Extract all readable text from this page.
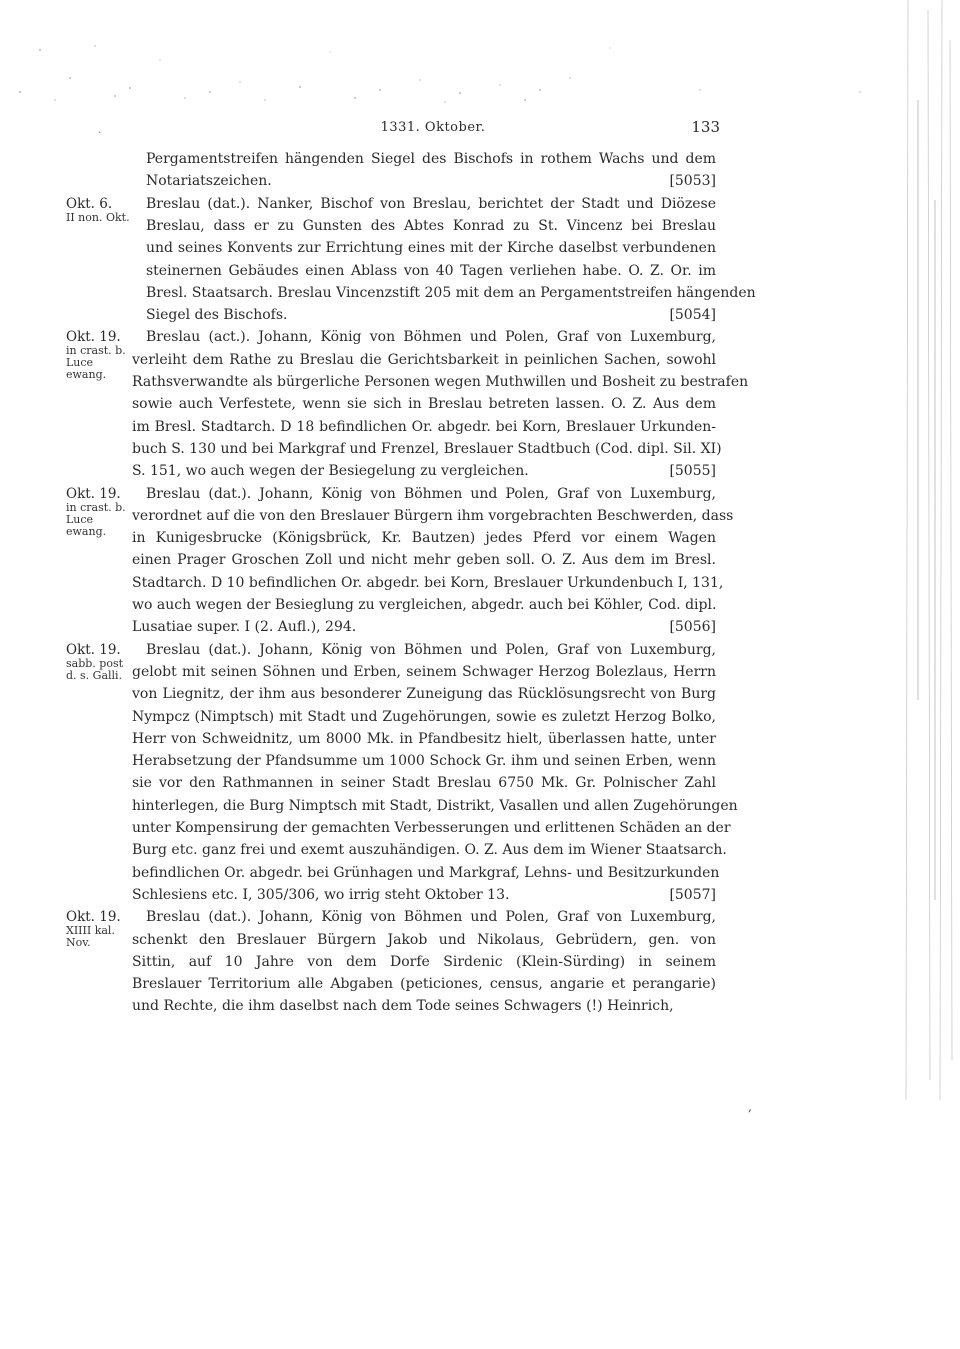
1331. Oktober.	133
Pergamentstreifen hängenden Siegel des Bischofs in rothem Wachs und dem
Notariatszeichen.	[5053]
Okt. 6.
II non. Okt.
Breslau (dat.). Nanker, Bischof von Breslau, berichtet der Stadt und Diözese
Breslau, dass er zu Gunsten des Abtes Konrad zu St. Vincenz bei Breslau
und seines Konvents zur Errichtung eines mit der Kirche daselbst verbundenen
steinernen Gebäudes einen Ablass von 40 Tagen verliehen habe. O. Z. Or. im
Bresl. Staatsarch. Breslau Vincenzstift 205 mit dem an Pergamentstreifen hängenden
Siegel des Bischofs.	[5054]
Okt. 19.
in crast. b. Luce ewang.
Breslau (act.). Johann, König von Böhmen und Polen, Graf von Luxemburg,
verleiht dem Rathe zu Breslau die Gerichtsbarkeit in peinlichen Sachen, sowohl
Rathsverwandte als bürgerliche Personen wegen Muthwillen und Bosheit zu bestrafen
sowie auch Verfestete, wenn sie sich in Breslau betreten lassen. O. Z. Aus dem
im Bresl. Stadtarch. D 18 befindlichen Or. abgedr. bei Korn, Breslauer Urkunden-
buch S. 130 und bei Markgraf und Frenzel, Breslauer Stadtbuch (Cod. dipl. Sil. XI)
S. 151, wo auch wegen der Besiegelung zu vergleichen.	[5055]
Okt. 19.
in crast. b. Luce ewang.
Breslau (dat.). Johann, König von Böhmen und Polen, Graf von Luxemburg,
verordnet auf die von den Breslauer Bürgern ihm vorgebrachten Beschwerden, dass
in Kunigesbrucke (Königsbrück, Kr. Bautzen) jedes Pferd vor einem Wagen
einen Prager Groschen Zoll und nicht mehr geben soll. O. Z. Aus dem im Bresl.
Stadtarch. D 10 befindlichen Or. abgedr. bei Korn, Breslauer Urkundenbuch I, 131,
wo auch wegen der Besieglung zu vergleichen, abgedr. auch bei Köhler, Cod. dipl.
Lusatiae super. I (2. Aufl.), 294.	[5056]
Okt. 19.
sabb. post d. s. Galli.
Breslau (dat.). Johann, König von Böhmen und Polen, Graf von Luxemburg,
gelobt mit seinen Söhnen und Erben, seinem Schwager Herzog Bolezlaus, Herrn
von Liegnitz, der ihm aus besonderer Zuneigung das Rücklösungsrecht von Burg
Nympcz (Nimptsch) mit Stadt und Zugehörungen, sowie es zuletzt Herzog Bolko,
Herr von Schweidnitz, um 8000 Mk. in Pfandbesitz hielt, überlassen hatte, unter
Herabsetzung der Pfandsumme um 1000 Schock Gr. ihm und seinen Erben, wenn
sie vor den Rathmannen in seiner Stadt Breslau 6750 Mk. Gr. Polnischer Zahl
hinterlegen, die Burg Nimptsch mit Stadt, Distrikt, Vasallen und allen Zugehörungen
unter Kompensirung der gemachten Verbesserungen und erlittenen Schäden an der
Burg etc. ganz frei und exemt auszuhändigen. O. Z. Aus dem im Wiener Staatsarch.
befindlichen Or. abgedr. bei Grünhagen und Markgraf, Lehns- und Besitzurkunden
Schlesiens etc. I, 305/306, wo irrig steht Oktober 13.	[5057]
Okt. 19.
XIIII kal. Nov.
Breslau (dat.). Johann, König von Böhmen und Polen, Graf von Luxemburg,
schenkt den Breslauer Bürgern Jakob und Nikolaus, Gebrüdern, gen. von
Sittin, auf 10 Jahre von dem Dorfe Sirdenic (Klein-Sürding) in seinem
Breslauer Territorium alle Abgaben (peticiones, census, angarie et perangarie)
und Rechte, die ihm daselbst nach dem Tode seines Schwagers (!) Heinrich,
·
,
